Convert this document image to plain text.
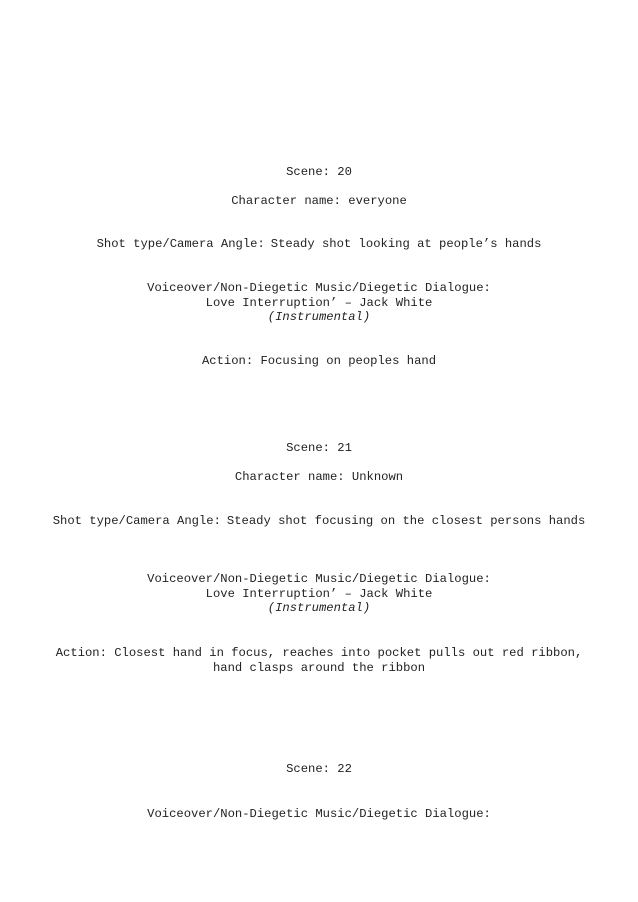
Scene: 20
Character name: everyone
Shot type/Camera Angle: Steady shot looking at people’s hands
Voiceover/Non-Diegetic Music/Diegetic Dialogue:
Love Interruption’ – Jack White
(Instrumental)
Action: Focusing on peoples hand
Scene: 21
Character name: Unknown
Shot type/Camera Angle: Steady shot focusing on the closest persons hands
Voiceover/Non-Diegetic Music/Diegetic Dialogue:
Love Interruption’ – Jack White
(Instrumental)
Action: Closest hand in focus, reaches into pocket pulls out red ribbon,
hand clasps around the ribbon
Scene: 22
Voiceover/Non-Diegetic Music/Diegetic Dialogue:
